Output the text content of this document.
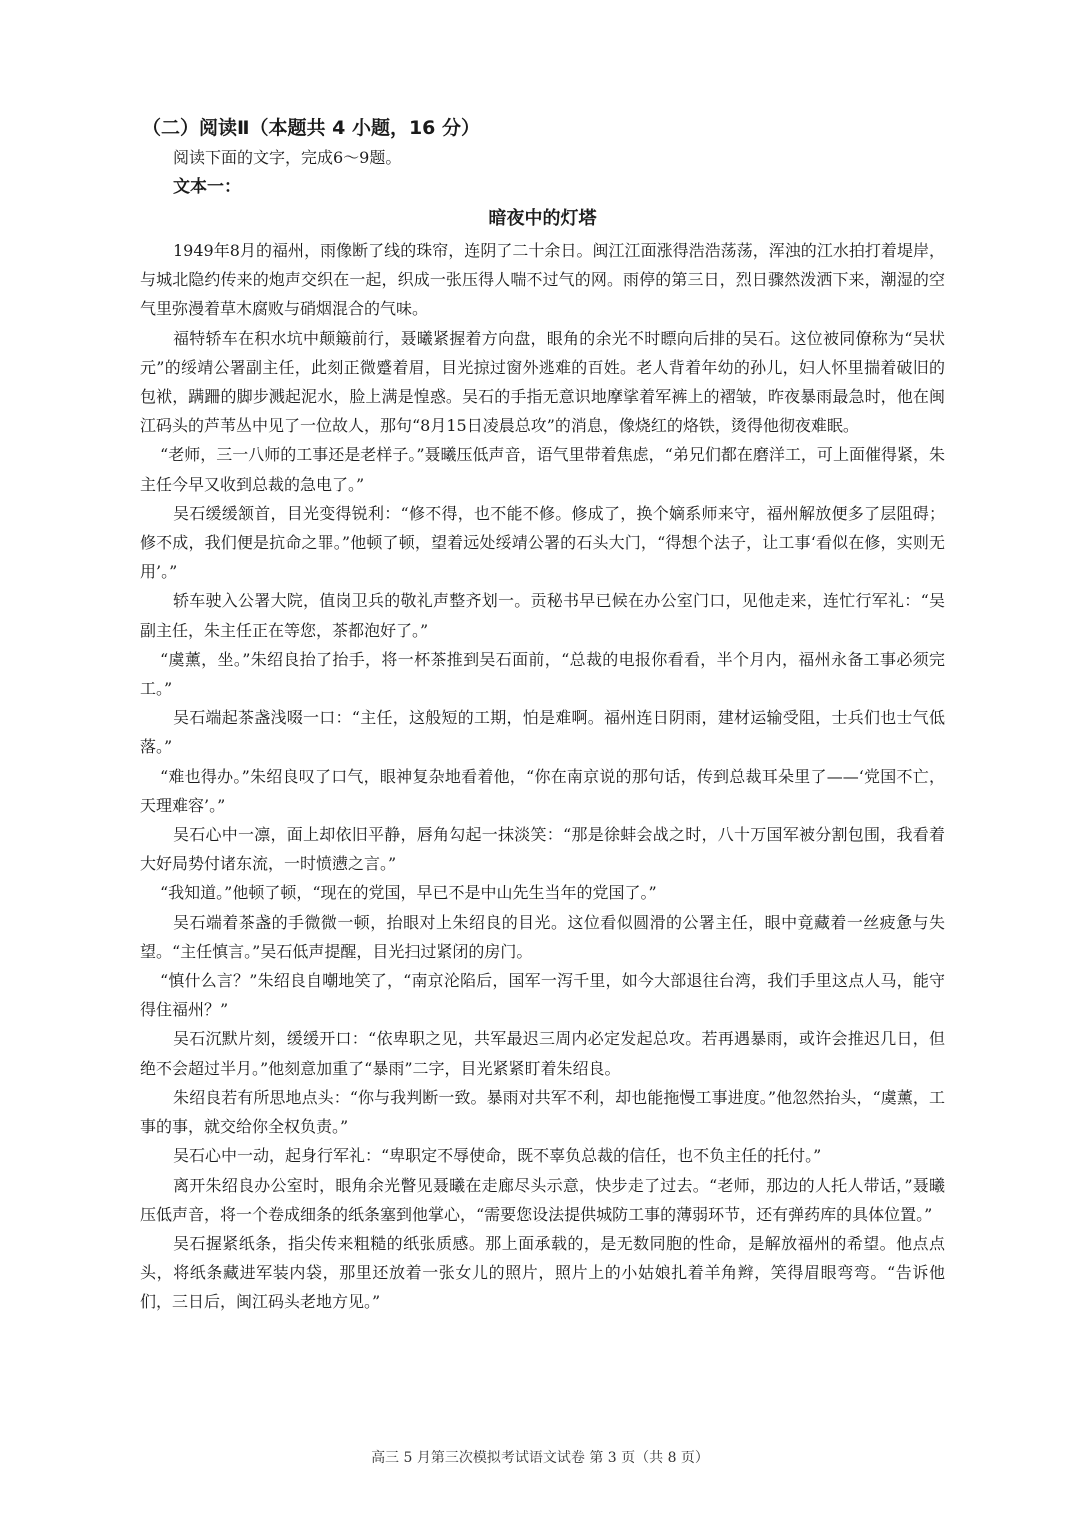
（二）阅读Ⅱ（本题共 4 小题，16 分）
阅读下面的文字，完成6～9题。
文本一：
暗夜中的灯塔

1949年8月的福州，雨像断了线的珠帘，连阴了二十余日。闽江江面涨得浩浩荡荡，浑浊的江水拍打着堤岸，与城北隐约传来的炮声交织在一起，织成一张压得人喘不过气的网。雨停的第三日，烈日骤然泼洒下来，潮湿的空气里弥漫着草木腐败与硝烟混合的气味。

福特轿车在积水坑中颠簸前行，聂曦紧握着方向盘，眼角的余光不时瞟向后排的吴石。这位被同僚称为“吴状元”的绥靖公署副主任，此刻正微蹙着眉，目光掠过窗外逃难的百姓。老人背着年幼的孙儿，妇人怀里揣着破旧的包袱，蹒跚的脚步溅起泥水，脸上满是惶惑。吴石的手指无意识地摩挲着军裤上的褶皱，昨夜暴雨最急时，他在闽江码头的芦苇丛中见了一位故人，那句“8月15日凌晨总攻”的消息，像烧红的烙铁，烫得他彻夜难眠。

“老师，三一八师的工事还是老样子。”聂曦压低声音，语气里带着焦虑，“弟兄们都在磨洋工，可上面催得紧，朱主任今早又收到总裁的急电了。”

吴石缓缓颔首，目光变得锐利：“修不得，也不能不修。修成了，换个嫡系师来守，福州解放便多了层阻碍；修不成，我们便是抗命之罪。”他顿了顿，望着远处绥靖公署的石头大门，“得想个法子，让工事‘看似在修，实则无用’。”

轿车驶入公署大院，值岗卫兵的敬礼声整齐划一。贡秘书早已候在办公室门口，见他走来，连忙行军礼：“吴副主任，朱主任正在等您，茶都泡好了。”

“虞薰，坐。”朱绍良抬了抬手，将一杯茶推到吴石面前，“总裁的电报你看看，半个月内，福州永备工事必须完工。”

吴石端起茶盏浅啜一口：“主任，这般短的工期，怕是难啊。福州连日阴雨，建材运输受阻，士兵们也士气低落。”

“难也得办。”朱绍良叹了口气，眼神复杂地看着他，“你在南京说的那句话，传到总裁耳朵里了——‘党国不亡，天理难容’。”

吴石心中一凛，面上却依旧平静，唇角勾起一抹淡笑：“那是徐蚌会战之时，八十万国军被分割包围，我看着大好局势付诸东流，一时愤懑之言。”

“我知道。”他顿了顿，“现在的党国，早已不是中山先生当年的党国了。”

吴石端着茶盏的手微微一顿，抬眼对上朱绍良的目光。这位看似圆滑的公署主任，眼中竟藏着一丝疲惫与失望。“主任慎言。”吴石低声提醒，目光扫过紧闭的房门。

“慎什么言？”朱绍良自嘲地笑了，“南京沦陷后，国军一泻千里，如今大部退往台湾，我们手里这点人马，能守得住福州？”

吴石沉默片刻，缓缓开口：“依卑职之见，共军最迟三周内必定发起总攻。若再遇暴雨，或许会推迟几日，但绝不会超过半月。”他刻意加重了“暴雨”二字，目光紧紧盯着朱绍良。

朱绍良若有所思地点头：“你与我判断一致。暴雨对共军不利，却也能拖慢工事进度。”他忽然抬头，“虞薰，工事的事，就交给你全权负责。”

吴石心中一动，起身行军礼：“卑职定不辱使命，既不辜负总裁的信任，也不负主任的托付。”

离开朱绍良办公室时，眼角余光瞥见聂曦在走廊尽头示意，快步走了过去。“老师，那边的人托人带话，”聂曦压低声音，将一个卷成细条的纸条塞到他掌心，“需要您设法提供城防工事的薄弱环节，还有弹药库的具体位置。”

吴石握紧纸条，指尖传来粗糙的纸张质感。那上面承载的，是无数同胞的性命，是解放福州的希望。他点点头，将纸条藏进军装内袋，那里还放着一张女儿的照片，照片上的小姑娘扎着羊角辫，笑得眉眼弯弯。“告诉他们，三日后，闽江码头老地方见。”

高三 5 月第三次模拟考试语文试卷 第 3 页（共 8 页）
